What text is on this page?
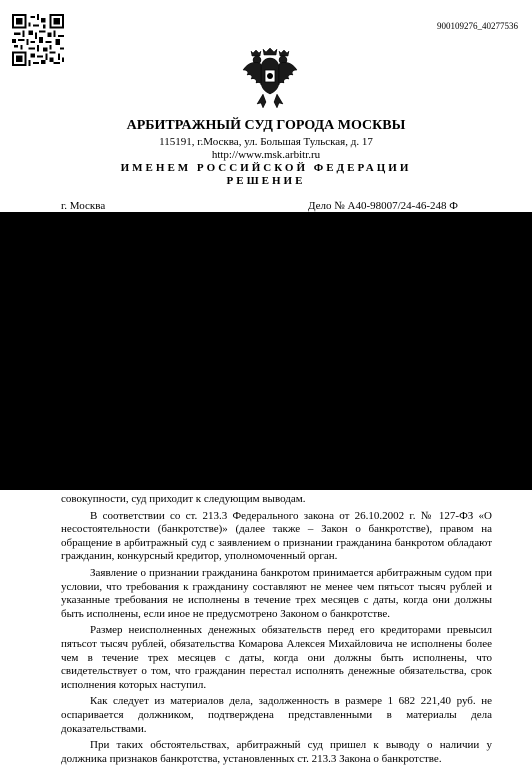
900109276_40277536
АРБИТРАЖНЫЙ СУД ГОРОДА МОСКВЫ
115191, г.Москва, ул. Большая Тульская, д. 17
http://www.msk.arbitr.ru
ИМЕНЕМ РОССИЙСКОЙ ФЕДЕРАЦИИ
РЕШЕНИЕ
г. Москва	Дело № А40-98007/24-46-248 Ф

совокупности, суд приходит к следующим выводам.

В соответствии со ст. 213.3 Федерального закона от 26.10.2002 г. № 127-ФЗ «О несостоятельности (банкротстве)» (далее также – Закон о банкротстве), правом на обращение в арбитражный суд с заявлением о признании гражданина банкротом обладают гражданин, конкурсный кредитор, уполномоченный орган.

Заявление о признании гражданина банкротом принимается арбитражным судом при условии, что требования к гражданину составляют не менее чем пятьсот тысяч рублей и указанные требования не исполнены в течение трех месяцев с даты, когда они должны быть исполнены, если иное не предусмотрено Законом о банкротстве.

Размер неисполненных денежных обязательств перед его кредиторами превысил пятьсот тысяч рублей, обязательства Комарова Алексея Михайловича не исполнены более чем в течение трех месяцев с даты, когда они должны быть исполнены, что свидетельствует о том, что гражданин перестал исполнять денежные обязательства, срок исполнения которых наступил.

Как следует из материалов дела, задолженность в размере 1 682 221,40 руб. не оспаривается должником, подтверждена представленными в материалы дела доказательствами.

При таких обстоятельствах, арбитражный суд пришел к выводу о наличии у должника признаков банкротства, установленных ст. 213.3 Закона о банкротстве.
